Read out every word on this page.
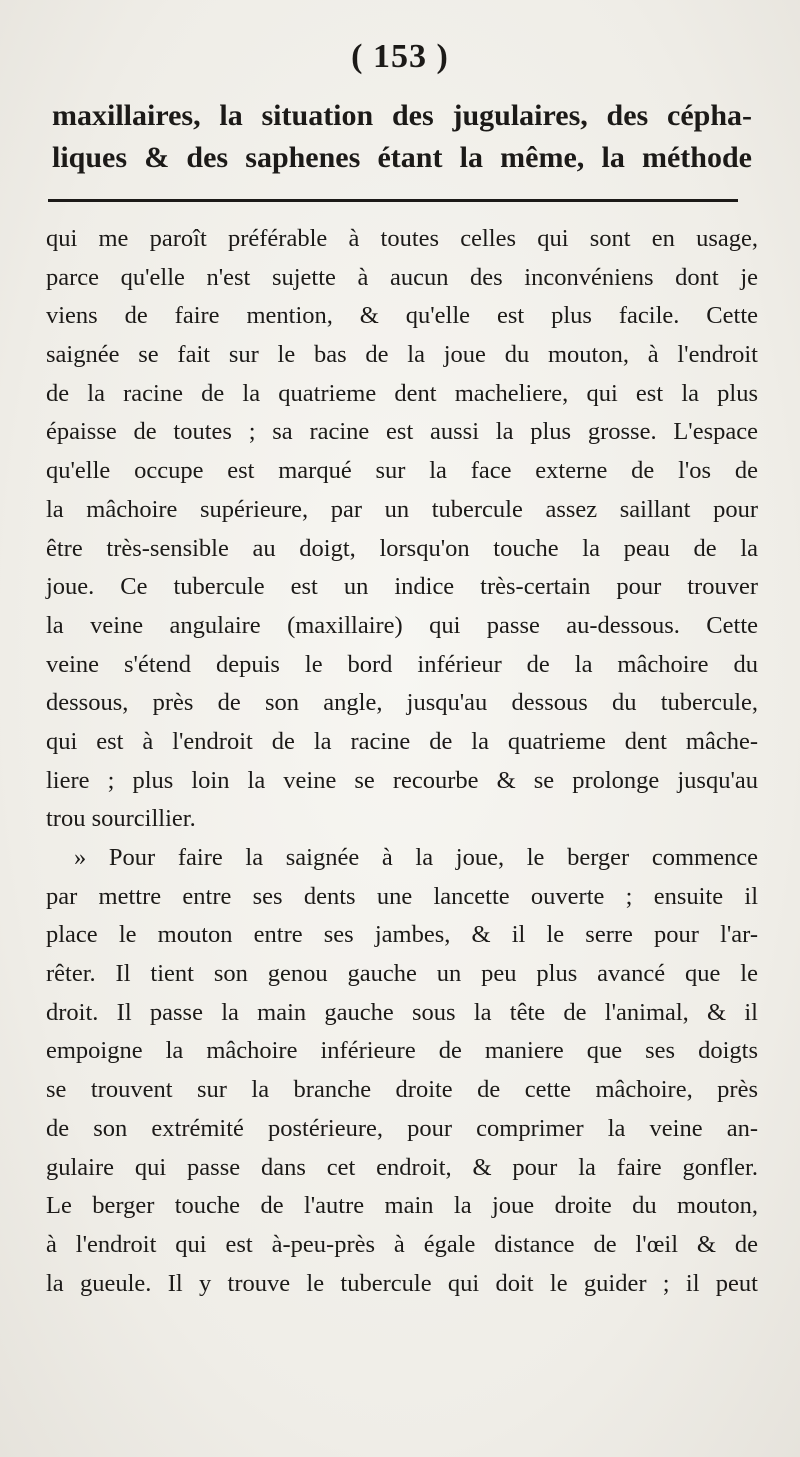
( 153 )
maxillaires, la situation des jugulaires, des cépha-
liques & des saphenes étant la même, la méthode
qui me paroît préférable à toutes celles qui sont en usage,
parce qu'elle n'est sujette à aucun des inconvéniens dont je
viens de faire mention, & qu'elle est plus facile. Cette
saignée se fait sur le bas de la joue du mouton, à l'endroit
de la racine de la quatrieme dent macheliere, qui est la plus
épaisse de toutes ; sa racine est aussi la plus grosse. L'espace
qu'elle occupe est marqué sur la face externe de l'os de
la mâchoire supérieure, par un tubercule assez saillant pour
être très-sensible au doigt, lorsqu'on touche la peau de la
joue. Ce tubercule est un indice très-certain pour trouver
la veine angulaire (maxillaire) qui passe au-dessous. Cette
veine s'étend depuis le bord inférieur de la mâchoire du
dessous, près de son angle, jusqu'au dessous du tubercule,
qui est à l'endroit de la racine de la quatrieme dent mâche-
liere ; plus loin la veine se recourbe & se prolonge jusqu'au
trou sourcillier.
» Pour faire la saignée à la joue, le berger commence
par mettre entre ses dents une lancette ouverte ; ensuite il
place le mouton entre ses jambes, & il le serre pour l'ar-
rêter. Il tient son genou gauche un peu plus avancé que le
droit. Il passe la main gauche sous la tête de l'animal, & il
empoigne la mâchoire inférieure de maniere que ses doigts
se trouvent sur la branche droite de cette mâchoire, près
de son extrémité postérieure, pour comprimer la veine an-
gulaire qui passe dans cet endroit, & pour la faire gonfler.
Le berger touche de l'autre main la joue droite du mouton,
à l'endroit qui est à-peu-près à égale distance de l'œil & de
la gueule. Il y trouve le tubercule qui doit le guider ; il peut
